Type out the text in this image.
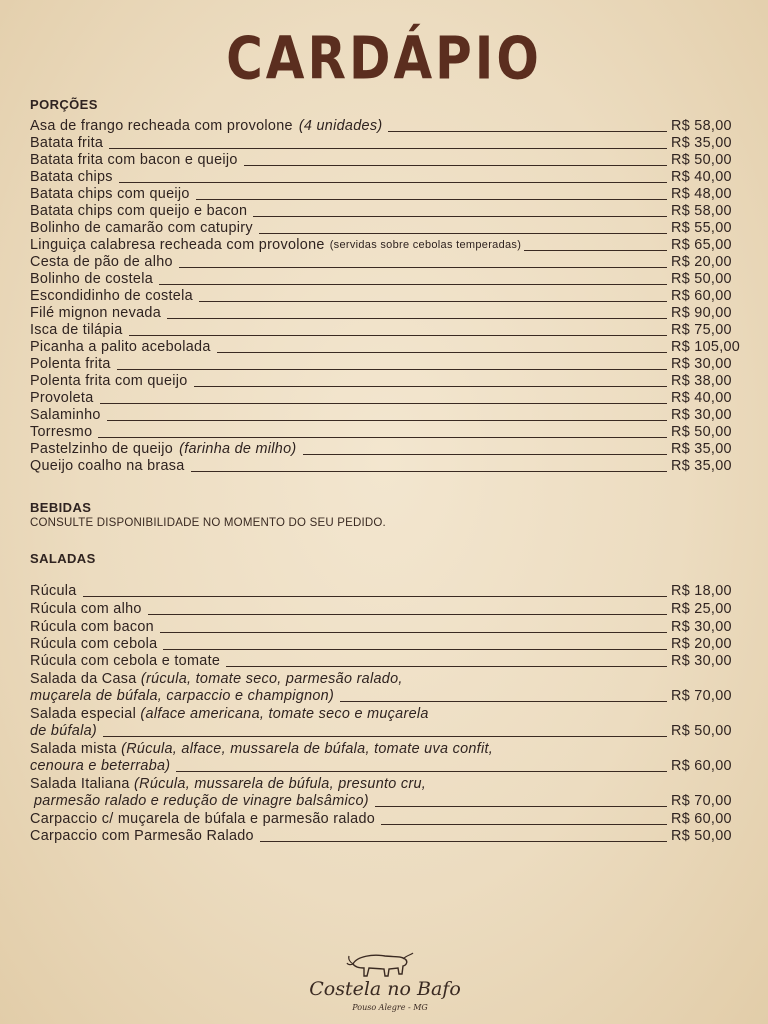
CARDÁPIO
PORÇÕES
Asa de frango recheada com provolone (4 unidades)	R$ 58,00
Batata frita	R$ 35,00
Batata frita com bacon e queijo	R$ 50,00
Batata chips	R$ 40,00
Batata chips com queijo	R$ 48,00
Batata chips com queijo e bacon	R$ 58,00
Bolinho de camarão com catupiry	R$ 55,00
Linguiça calabresa recheada com provolone (servidas sobre cebolas temperadas)	R$ 65,00
Cesta de pão de alho	R$ 20,00
Bolinho de costela	R$ 50,00
Escondidinho de costela	R$ 60,00
Filé mignon nevada	R$ 90,00
Isca de tilápia	R$ 75,00
Picanha a palito acebolada	R$ 105,00
Polenta frita	R$ 30,00
Polenta frita com queijo	R$ 38,00
Provoleta	R$ 40,00
Salaminho	R$ 30,00
Torresmo	R$ 50,00
Pastelzinho de queijo (farinha de milho)	R$ 35,00
Queijo coalho na brasa	R$ 35,00
BEBIDAS
CONSULTE DISPONIBILIDADE NO MOMENTO DO SEU PEDIDO.
SALADAS
Rúcula	R$ 18,00
Rúcula com alho	R$ 25,00
Rúcula com bacon	R$ 30,00
Rúcula com cebola	R$ 20,00
Rúcula com cebola e tomate	R$ 30,00
Salada da Casa (rúcula, tomate seco, parmesão ralado,
muçarela de búfala, carpaccio e champignon)	R$ 70,00
Salada especial (alface americana, tomate seco e muçarela
de búfala)	R$ 50,00
Salada mista (Rúcula, alface, mussarela de búfala, tomate uva confit,
cenoura e beterraba)	R$ 60,00
Salada Italiana (Rúcula, mussarela de búfula, presunto cru,
parmesão ralado e redução de vinagre balsâmico)	R$ 70,00
Carpaccio c/ muçarela de búfala e parmesão ralado	R$ 60,00
Carpaccio com Parmesão Ralado	R$ 50,00
Costela no Bafo
Pouso Alegre - MG
